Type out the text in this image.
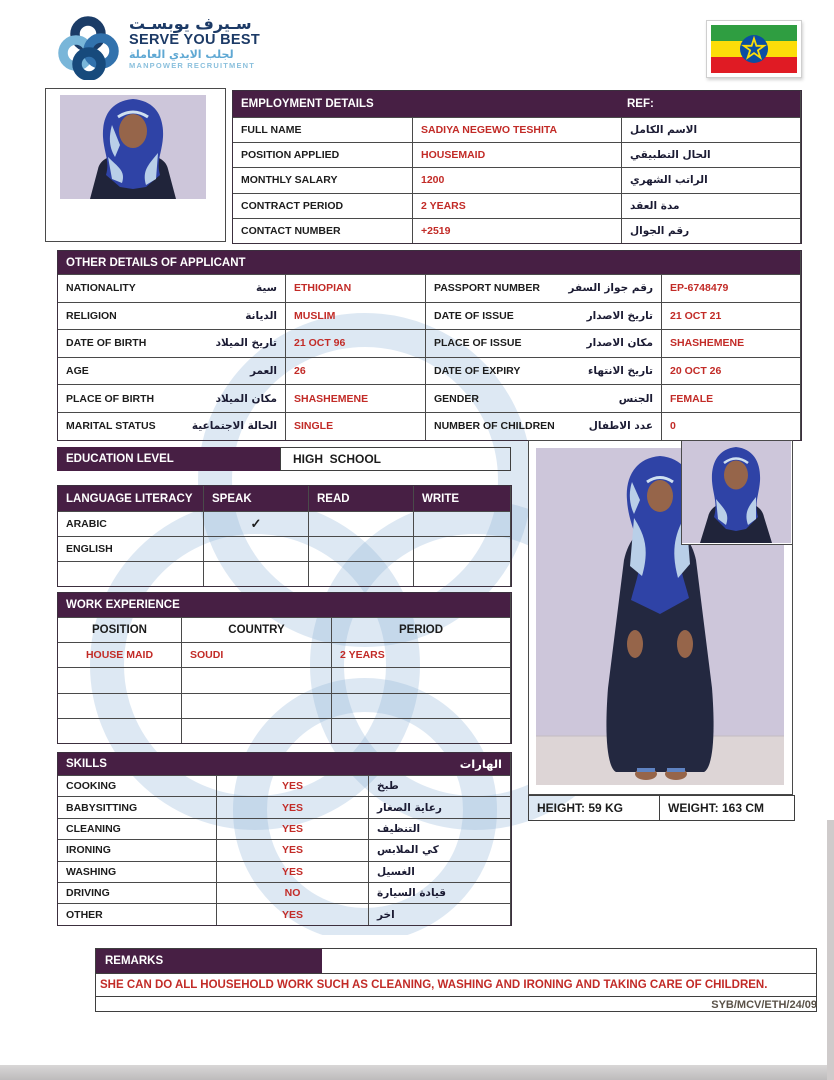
سـيرف يوبسـت
SERVE YOU BEST
لجلب الايدي العاملة
MANPOWER RECRUITMENT
EMPLOYMENT DETAILS	REF:
FULL NAME	SADIYA NEGEWO TESHITA	الاسم الكامل
POSITION APPLIED	HOUSEMAID	الحال التطبيقي
MONTHLY SALARY	1200	الراتب الشهري
CONTRACT PERIOD	2 YEARS	مدة العقد
CONTACT NUMBER	+2519	رقم الجوال
OTHER DETAILS OF APPLICANT
NATIONALITY	سية	ETHIOPIAN	PASSPORT NUMBER	رقم جواز السفر	EP-6748479
RELIGION	الديانة	MUSLIM	DATE OF ISSUE	تاريخ الاصدار	21 OCT 21
DATE OF BIRTH	تاريخ الميلاد	21 OCT 96	PLACE OF ISSUE	مكان الاصدار	SHASHEMENE
AGE	العمر	26	DATE OF EXPIRY	تاريخ الانتهاء	20 OCT 26
PLACE OF BIRTH	مكان الميلاد	SHASHEMENE	GENDER	الجنس	FEMALE
MARITAL STATUS	الحالة الاجتماعية	SINGLE	NUMBER OF CHILDREN	عدد الاطفال	0
EDUCATION LEVEL	HIGH  SCHOOL
LANGUAGE LITERACY	SPEAK	READ	WRITE
ARABIC	✓
ENGLISH
WORK EXPERIENCE
POSITION	COUNTRY	PERIOD
HOUSE MAID	SOUDI	2 YEARS
SKILLS	الهارات
COOKING	YES	طبخ
BABYSITTING	YES	رعاية الصغار
CLEANING	YES	التنظيف
IRONING	YES	كي الملابس
WASHING	YES	الغسيل
DRIVING	NO	قيادة السيارة
OTHER	YES	اخر
HEIGHT: 59 KG	WEIGHT: 163 CM
REMARKS
SHE CAN DO ALL HOUSEHOLD WORK SUCH AS CLEANING, WASHING AND IRONING AND TAKING CARE OF CHILDREN.
SYB/MCV/ETH/24/09
